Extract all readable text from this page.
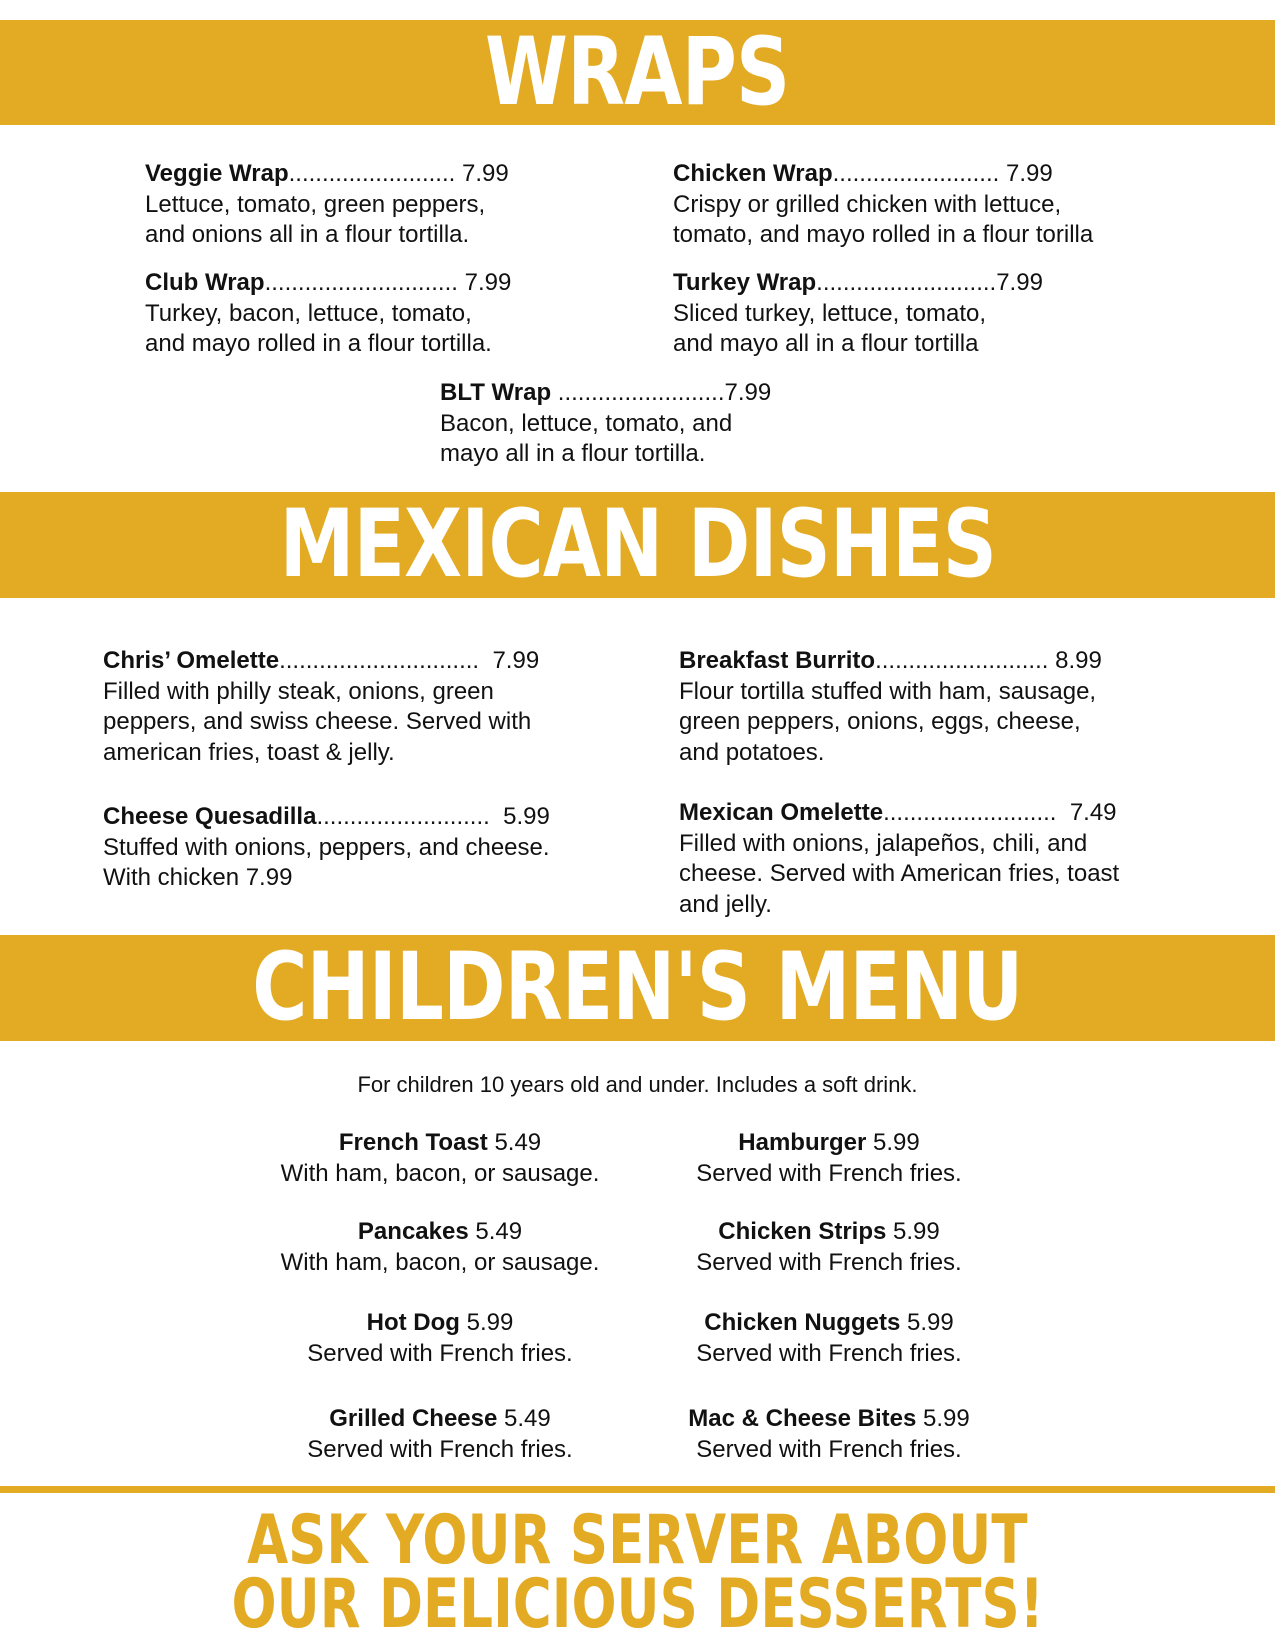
WRAPS

Veggie Wrap......................... 7.99

Lettuce, tomato, green peppers,

and onions all in a flour tortilla.

Chicken Wrap......................... 7.99

Crispy or grilled chicken with lettuce,

tomato, and mayo rolled in a flour torilla

Club Wrap............................. 7.99

Turkey, bacon, lettuce, tomato,

and mayo rolled in a flour tortilla.

Turkey Wrap...........................7.99

Sliced turkey, lettuce, tomato,

and mayo all in a flour tortilla

BLT Wrap .........................7.99

Bacon, lettuce, tomato, and

mayo all in a flour tortilla.

MEXICAN DISHES

Chris’ Omelette.............................. 7.99

Filled with philly steak, onions, green

peppers, and swiss cheese. Served with

american fries, toast & jelly.

Breakfast Burrito.......................... 8.99

Flour tortilla stuffed with ham, sausage,

green peppers, onions, eggs, cheese,

and potatoes.

Cheese Quesadilla.......................... 5.99

Stuffed with onions, peppers, and cheese.

With chicken 7.99

Mexican Omelette.......................... 7.49

Filled with onions, jalapeños, chili, and

cheese. Served with American fries, toast

and jelly.

CHILDREN'S MENU
For children 10 years old and under. Includes a soft drink.

French Toast 5.49

With ham, bacon, or sausage.

Hamburger 5.99

Served with French fries.

Pancakes 5.49

With ham, bacon, or sausage.

Chicken Strips 5.99

Served with French fries.

Hot Dog 5.99

Served with French fries.

Chicken Nuggets 5.99

Served with French fries.

Grilled Cheese 5.49

Served with French fries.

Mac & Cheese Bites 5.99

Served with French fries.

ASK YOUR SERVER ABOUT
OUR DELICIOUS DESSERTS!
